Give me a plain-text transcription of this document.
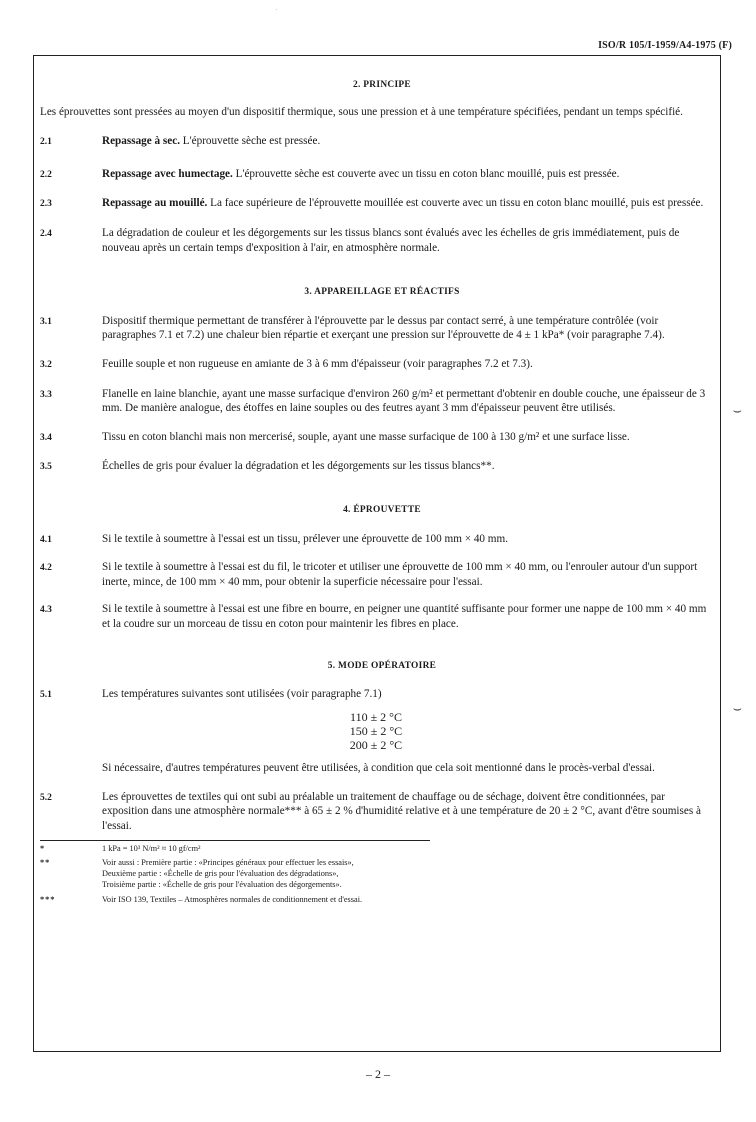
.
ISO/R 105/I-1959/A4-1975 (F)
⌣
⌣
2. PRINCIPE

Les éprouvettes sont pressées au moyen d'un dispositif thermique, sous une pression et à une température spécifiées, pendant un temps spécifié.

2.1	Repassage à sec. L'éprouvette sèche est pressée.
2.2	Repassage avec humectage. L'éprouvette sèche est couverte avec un tissu en coton blanc mouillé, puis est pressée.
2.3	Repassage au mouillé. La face supérieure de l'éprouvette mouillée est couverte avec un tissu en coton blanc mouillé, puis est pressée.
2.4	La dégradation de couleur et les dégorgements sur les tissus blancs sont évalués avec les échelles de gris immédiatement, puis de nouveau après un certain temps d'exposition à l'air, en atmosphère normale.
3. APPAREILLAGE ET RÉACTIFS
3.1	Dispositif thermique permettant de transférer à l'éprouvette par le dessus par contact serré, à une température contrôlée (voir paragraphes 7.1 et 7.2) une chaleur bien répartie et exerçant une pression sur l'éprouvette de 4 ± 1 kPa* (voir paragraphe 7.4).
3.2	Feuille souple et non rugueuse en amiante de 3 à 6 mm d'épaisseur (voir paragraphes 7.2 et 7.3).
3.3	Flanelle en laine blanchie, ayant une masse surfacique d'environ 260 g/m² et permettant d'obtenir en double couche, une épaisseur de 3 mm. De manière analogue, des étoffes en laine souples ou des feutres ayant 3 mm d'épaisseur peuvent être utilisés.
3.4	Tissu en coton blanchi mais non mercerisé, souple, ayant une masse surfacique de 100 à 130 g/m² et une surface lisse.
3.5	Échelles de gris pour évaluer la dégradation et les dégorgements sur les tissus blancs**.
4. ÉPROUVETTE
4.1	Si le textile à soumettre à l'essai est un tissu, prélever une éprouvette de 100 mm × 40 mm.
4.2	Si le textile à soumettre à l'essai est du fil, le tricoter et utiliser une éprouvette de 100 mm × 40 mm, ou l'enrouler autour d'un support inerte, mince, de 100 mm × 40 mm, pour obtenir la superficie nécessaire pour l'essai.
4.3	Si le textile à soumettre à l'essai est une fibre en bourre, en peigner une quantité suffisante pour former une nappe de 100 mm × 40 mm et la coudre sur un morceau de tissu en coton pour maintenir les fibres en place.
5. MODE OPÉRATOIRE
5.1	Les températures suivantes sont utilisées (voir paragraphe 7.1)
110 ± 2 °C
150 ± 2 °C
200 ± 2 °C
Si nécessaire, d'autres températures peuvent être utilisées, à condition que cela soit mentionné dans le procès-verbal d'essai.
5.2	Les éprouvettes de textiles qui ont subi au préalable un traitement de chauffage ou de séchage, doivent être conditionnées, par exposition dans une atmosphère normale*** à 65 ± 2 % d'humidité relative et à une température de 20 ± 2 °C, avant d'être soumises à l'essai.
*	1 kPa = 10³ N/m² ≈ 10 gf/cm²
**	Voir aussi : Première partie : «Principes généraux pour effectuer les essais»,
Deuxième partie : «Échelle de gris pour l'évaluation des dégradations»,
Troisième partie : «Échelle de gris pour l'évaluation des dégorgements».
***	Voir ISO 139, Textiles – Atmosphères normales de conditionnement et d'essai.
– 2 –
